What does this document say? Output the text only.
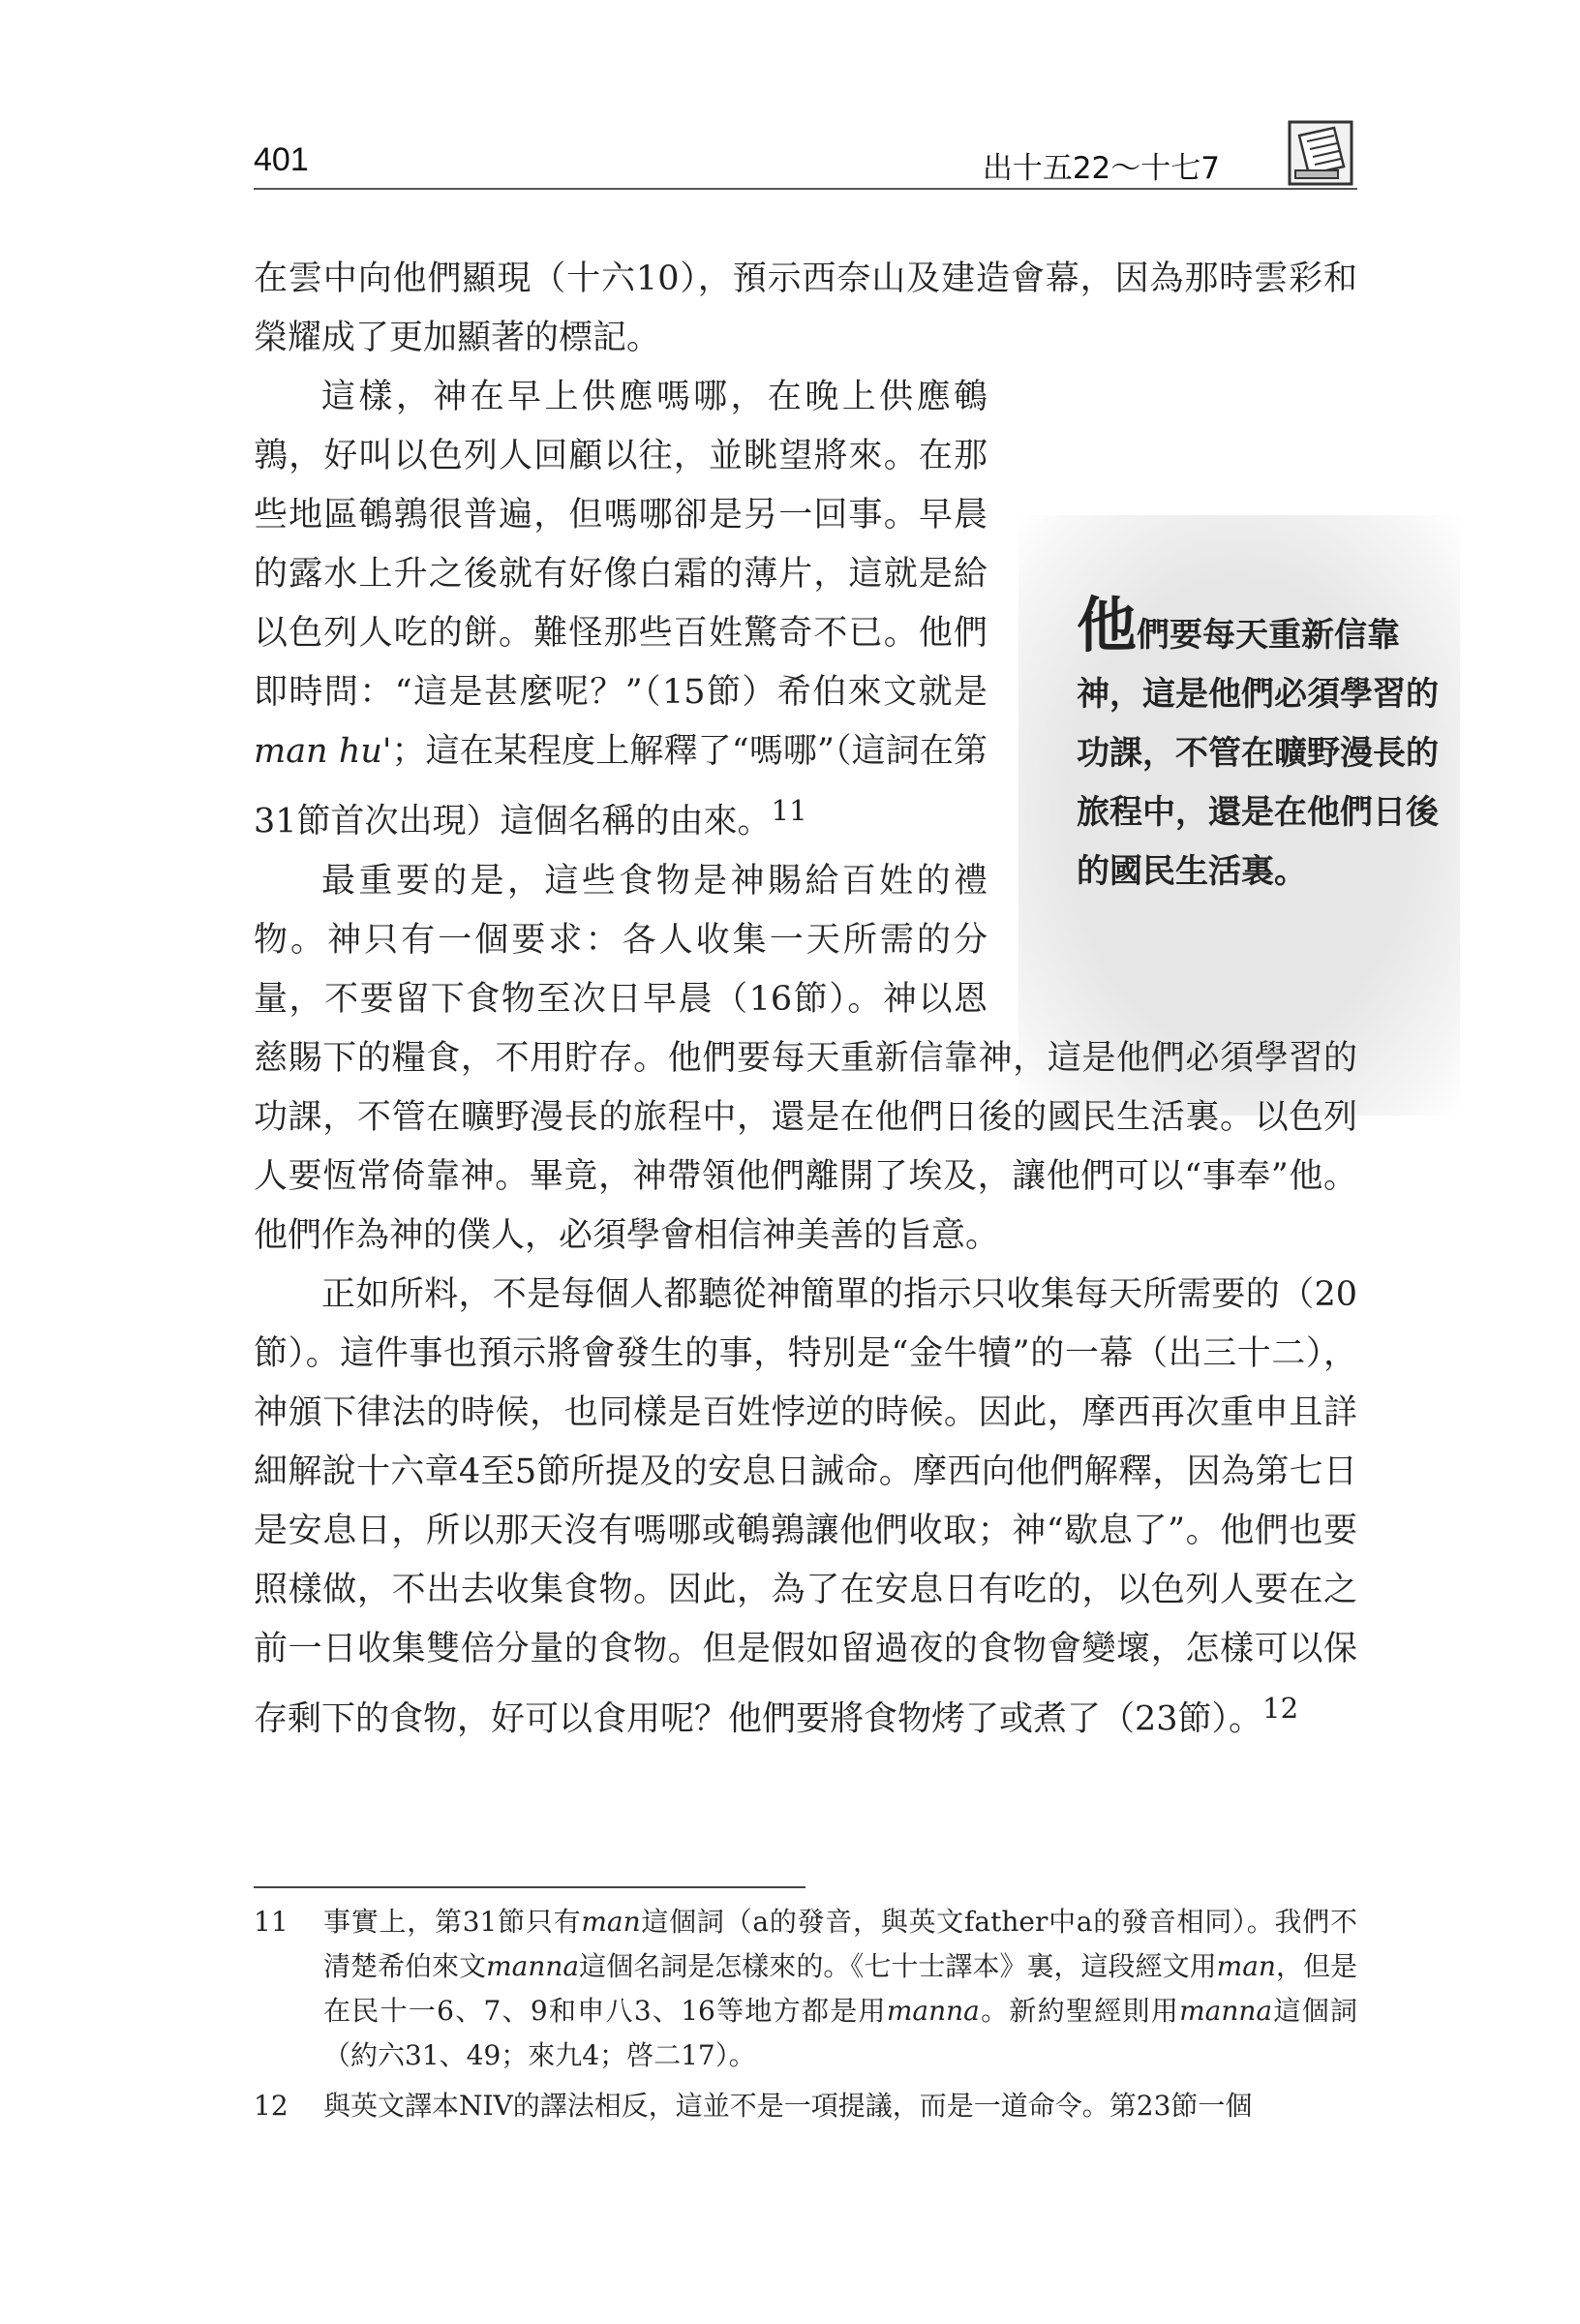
401	出十五22～十七7
他們要每天重新信靠神，這是他們必須學習的功課，不管在曠野漫長的旅程中，還是在他們日後的國民生活裏。

在雲中向他們顯現（十六10），預示西奈山及建造會幕，因為那時雲彩和榮耀成了更加顯著的標記。

這樣，神在早上供應嗎哪，在晚上供應鵪鶉，好叫以色列人回顧以往，並眺望將來。在那些地區鵪鶉很普遍，但嗎哪卻是另一回事。早晨的露水上升之後就有好像白霜的薄片，這就是給以色列人吃的餅。難怪那些百姓驚奇不已。他們即時問：“這是甚麼呢？”（15節）希伯來文就是man hu'；這在某程度上解釋了“嗎哪”（這詞在第31節首次出現）這個名稱的由來。$^{11}$

最重要的是，這些食物是神賜給百姓的禮物。神只有一個要求：各人收集一天所需的分量，不要留下食物至次日早晨（16節）。神以恩慈賜下的糧食，不用貯存。他們要每天重新信靠神，這是他們必須學習的功課，不管在曠野漫長的旅程中，還是在他們日後的國民生活裏。以色列人要恆常倚靠神。畢竟，神帶領他們離開了埃及，讓他們可以“事奉”他。他們作為神的僕人，必須學會相信神美善的旨意。

正如所料，不是每個人都聽從神簡單的指示只收集每天所需要的（20節）。這件事也預示將會發生的事，特別是“金牛犢”的一幕（出三十二），神頒下律法的時候，也同樣是百姓悖逆的時候。因此，摩西再次重申且詳細解說十六章4至5節所提及的安息日誡命。摩西向他們解釋，因為第七日是安息日，所以那天沒有嗎哪或鵪鶉讓他們收取；神“歇息了”。他們也要照樣做，不出去收集食物。因此，為了在安息日有吃的，以色列人要在之前一日收集雙倍分量的食物。但是假如留過夜的食物會變壞，怎樣可以保存剩下的食物，好可以食用呢？他們要將食物烤了或煮了（23節）。$^{12}$

11 事實上，第31節只有man這個詞（a的發音，與英文father中a的發音相同）。我們不清楚希伯來文manna這個名詞是怎樣來的。《七十士譯本》裏，這段經文用man，但是在民十一6、7、9和申八3、16等地方都是用manna。新約聖經則用manna這個詞（約六31、49；來九4；啓二17）。
12 與英文譯本NIV的譯法相反，這並不是一項提議，而是一道命令。第23節一個
